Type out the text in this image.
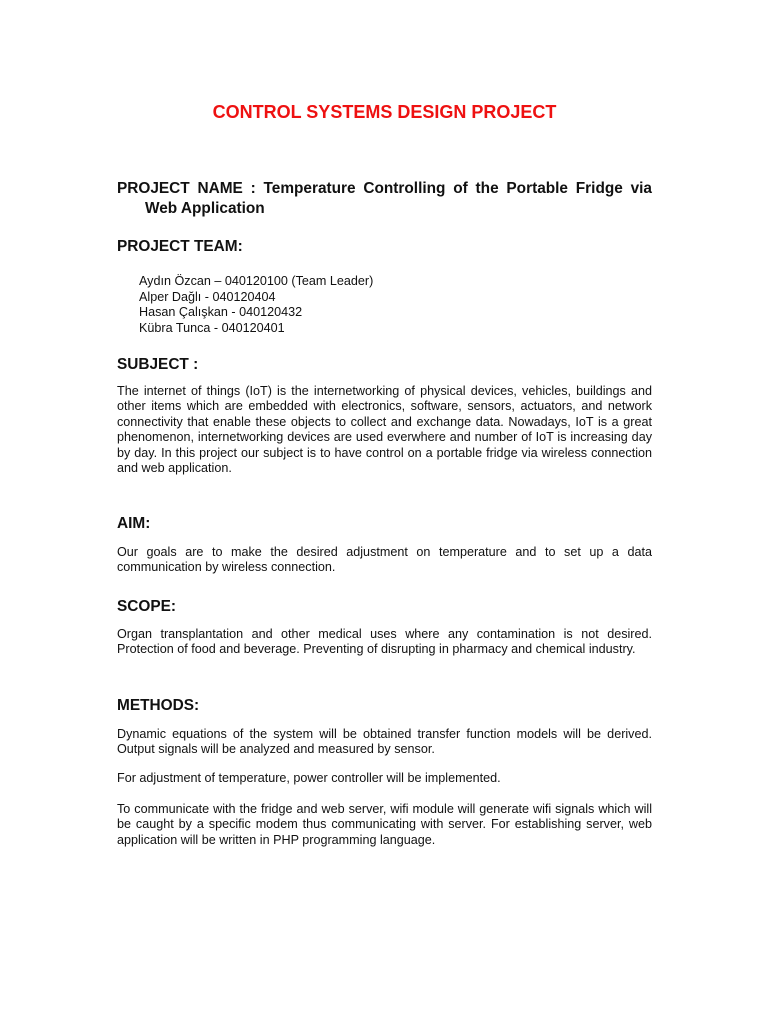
CONTROL SYSTEMS DESIGN PROJECT

PROJECT NAME : Temperature Controlling of the Portable Fridge via Web Application

PROJECT TEAM:
Aydın Özcan – 040120100 (Team Leader)
Alper Dağlı - 040120404
Hasan Çalışkan - 040120432
Kübra Tunca - 040120401
SUBJECT :

The internet of things (IoT) is the internetworking of physical devices, vehicles, buildings and other items which are embedded with electronics, software, sensors, actuators, and network connectivity that enable these objects to collect and exchange data. Nowadays, IoT is a great phenomenon, internetworking devices are used everwhere and number of IoT is increasing day by day. In this project our subject is to have control on a portable fridge via wireless connection and web application.

AIM:

Our goals are to make the desired adjustment on temperature and to set up a data communication by wireless connection.

SCOPE:

Organ transplantation and other medical uses where any contamination is not desired. Protection of food and beverage. Preventing of disrupting in pharmacy and chemical industry.

METHODS:

Dynamic equations of the system will be obtained transfer function models will be derived. Output signals will be analyzed and measured by sensor.

For adjustment of temperature, power controller will be implemented.

To communicate with the fridge and web server, wifi module will generate wifi signals which will be caught by a specific modem thus communicating with server. For establishing server, web application will be written in PHP programming language.
